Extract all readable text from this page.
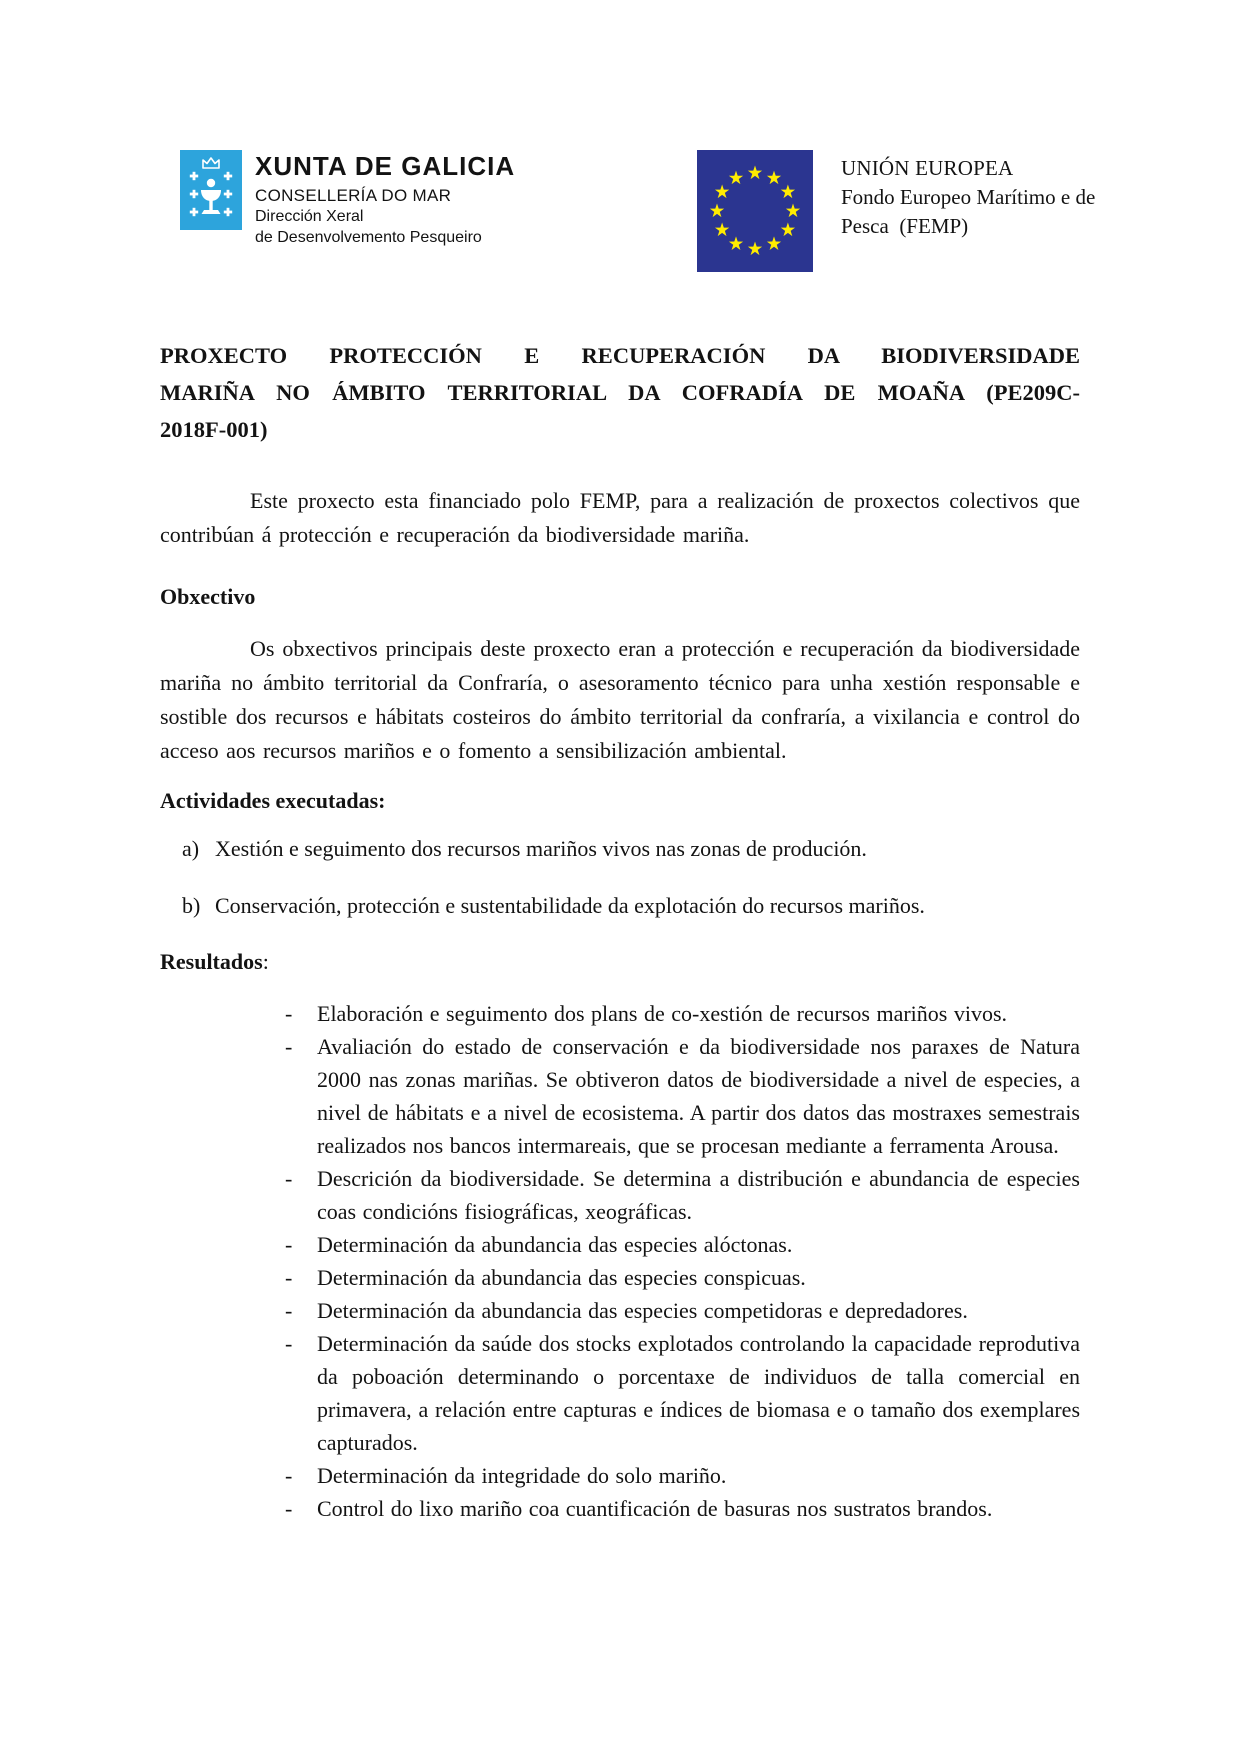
XUNTA DE GALICIA
CONSELLERÍA DO MAR
Dirección Xeral
de Desenvolvemento Pesqueiro
UNIÓN EUROPEA
Fondo Europeo Marítimo e de
Pesca  (FEMP)
PROXECTO PROTECCIÓN E RECUPERACIÓN DA BIODIVERSIDADE
MARIÑA NO ÁMBITO TERRITORIAL DA COFRADÍA DE MOAÑA (PE209C-
2018F-001)

Este proxecto esta financiado polo FEMP, para a realización de proxectos colectivos que contribúan á protección e recuperación da biodiversidade mariña.

Obxectivo

Os obxectivos principais deste proxecto eran a protección e recuperación da biodiversidade mariña no ámbito territorial da Confraría, o asesoramento técnico para unha xestión responsable e sostible dos recursos e hábitats costeiros do ámbito territorial da confraría, a vixilancia e control do acceso aos recursos mariños e o fomento a sensibilización ambiental.

Actividades executadas:
a) Xestión e seguimento dos recursos mariños vivos nas zonas de produción.
b) Conservación, protección e sustentabilidade da explotación do recursos mariños.
Resultados:
- Elaboración e seguimento dos plans de co-xestión de recursos mariños vivos.
- Avaliación do estado de conservación e da biodiversidade nos paraxes de Natura 2000 nas zonas mariñas. Se obtiveron datos de biodiversidade a nivel de especies, a nivel de hábitats e a nivel de ecosistema. A partir dos datos das mostraxes semestrais realizados nos bancos intermareais, que se procesan mediante a ferramenta Arousa.
- Descrición da biodiversidade. Se determina a distribución e abundancia de especies coas condicións fisiográficas, xeográficas.
- Determinación da abundancia das especies alóctonas.
- Determinación da abundancia das especies conspicuas.
- Determinación da abundancia das especies competidoras e depredadores.
- Determinación da saúde dos stocks explotados controlando la capacidade reprodutiva da poboación determinando o porcentaxe de individuos de talla comercial en primavera, a relación entre capturas e índices de biomasa e o tamaño dos exemplares capturados.
- Determinación da integridade do solo mariño.
- Control do lixo mariño coa cuantificación de basuras nos sustratos brandos.
